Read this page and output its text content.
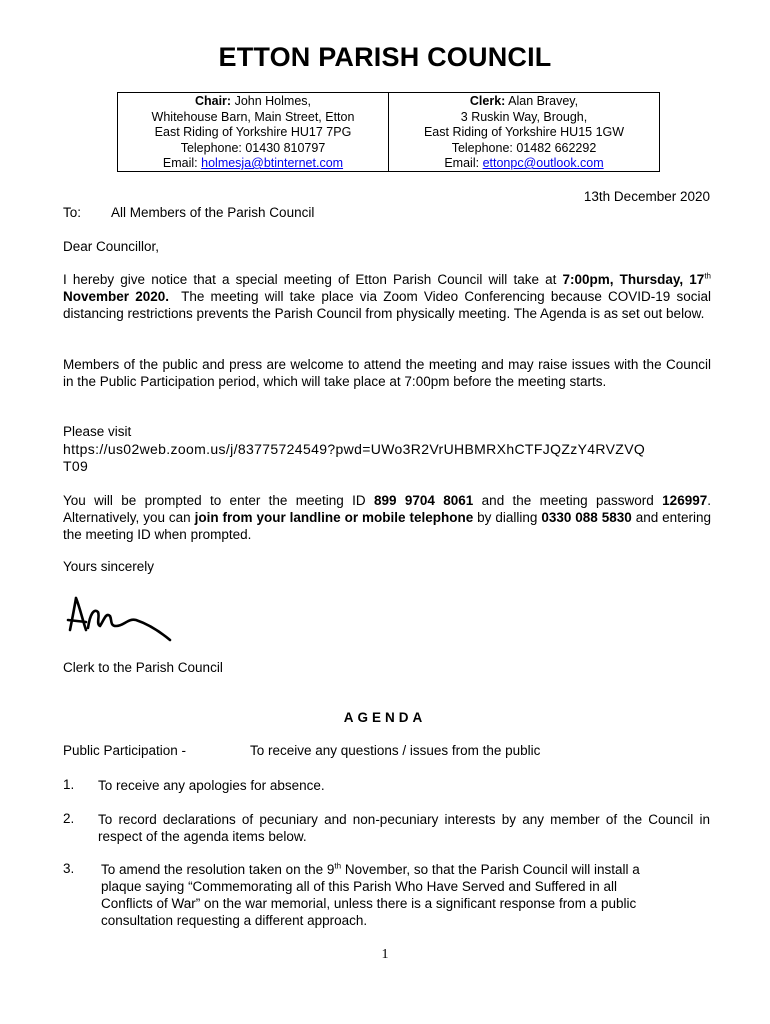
ETTON PARISH COUNCIL
Chair: John Holmes,
Whitehouse Barn, Main Street, Etton
East Riding of Yorkshire HU17 7PG
Telephone: 01430 810797
Email: holmesja@btinternet.com
Clerk: Alan Bravey,
3 Ruskin Way, Brough,
East Riding of Yorkshire HU15 1GW
Telephone: 01482 662292
Email: ettonpc@outlook.com
13th December 2020
To: All Members of the Parish Council
Dear Councillor,
I hereby give notice that a special meeting of Etton Parish Council will take at 7:00pm, Thursday, 17th November 2020. The meeting will take place via Zoom Video Conferencing because COVID-19 social distancing restrictions prevents the Parish Council from physically meeting. The Agenda is as set out below.
Members of the public and press are welcome to attend the meeting and may raise issues with the Council in the Public Participation period, which will take place at 7:00pm before the meeting starts.
Please visit
https://us02web.zoom.us/j/83775724549?pwd=UWo3R2VrUHBMRXhCTFJQZzY4RVZVQ
T09
You will be prompted to enter the meeting ID 899 9704 8061 and the meeting password 126997. Alternatively, you can join from your landline or mobile telephone by dialling 0330 088 5830 and entering the meeting ID when prompted.
Yours sincerely
Clerk to the Parish Council
AGENDA
Public Participation -	To receive any questions / issues from the public
1. To receive any apologies for absence.
2. To record declarations of pecuniary and non-pecuniary interests by any member of the Council in respect of the agenda items below.
3. To amend the resolution taken on the 9th November, so that the Parish Council will install a plaque saying “Commemorating all of this Parish Who Have Served and Suffered in all Conflicts of War” on the war memorial, unless there is a significant response from a public consultation requesting a different approach.
1
